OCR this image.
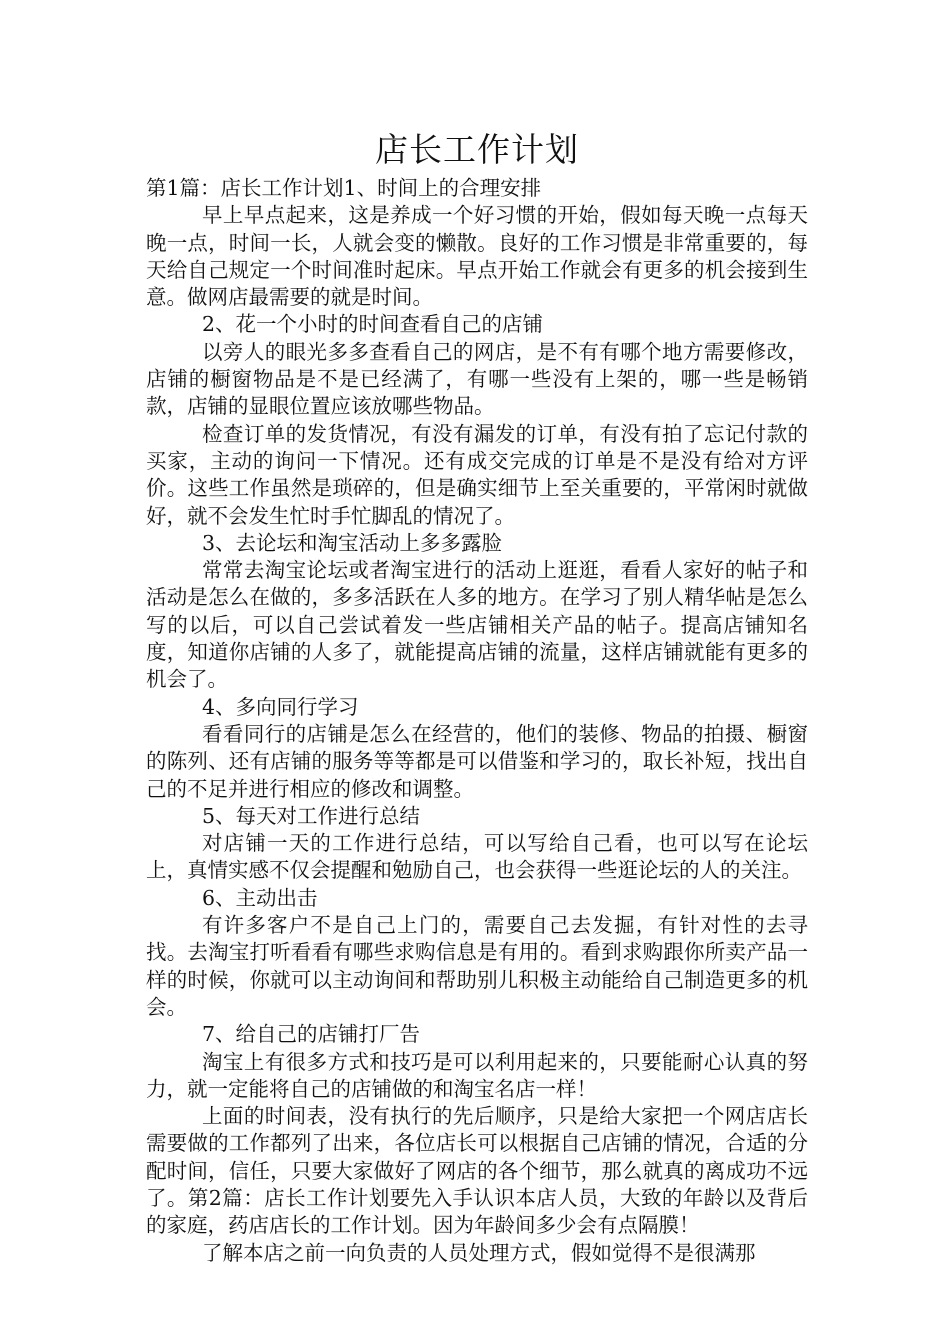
店长工作计划

第1篇：店长工作计划1、时间上的合理安排

早上早点起来，这是养成一个好习惯的开始，假如每天晚一点每天晚一点，时间一长，人就会变的懒散。良好的工作习惯是非常重要的，每天给自己规定一个时间准时起床。早点开始工作就会有更多的机会接到生意。做网店最需要的就是时间。

2、花一个小时的时间查看自己的店铺

以旁人的眼光多多查看自己的网店，是不有有哪个地方需要修改，店铺的橱窗物品是不是已经满了，有哪一些没有上架的，哪一些是畅销款，店铺的显眼位置应该放哪些物品。

检查订单的发货情况，有没有漏发的订单，有没有拍了忘记付款的买家，主动的询问一下情况。还有成交完成的订单是不是没有给对方评价。这些工作虽然是琐碎的，但是确实细节上至关重要的，平常闲时就做好，就不会发生忙时手忙脚乱的情况了。

3、去论坛和淘宝活动上多多露脸

常常去淘宝论坛或者淘宝进行的活动上逛逛，看看人家好的帖子和活动是怎么在做的，多多活跃在人多的地方。在学习了别人精华帖是怎么写的以后，可以自己尝试着发一些店铺相关产品的帖子。提高店铺知名度，知道你店铺的人多了，就能提高店铺的流量，这样店铺就能有更多的机会了。

4、多向同行学习

看看同行的店铺是怎么在经营的，他们的装修、物品的拍摄、橱窗的陈列、还有店铺的服务等等都是可以借鉴和学习的，取长补短，找出自己的不足并进行相应的修改和调整。

5、每天对工作进行总结

对店铺一天的工作进行总结，可以写给自己看，也可以写在论坛上，真情实感不仅会提醒和勉励自己，也会获得一些逛论坛的人的关注。

6、主动出击

有许多客户不是自己上门的，需要自己去发掘，有针对性的去寻找。去淘宝打听看看有哪些求购信息是有用的。看到求购跟你所卖产品一样的时候，你就可以主动询间和帮助别儿积极主动能给自己制造更多的机会。

7、给自己的店铺打厂告

淘宝上有很多方式和技巧是可以利用起来的，只要能耐心认真的努力，就一定能将自己的店铺做的和淘宝名店一样！

上面的时间表，没有执行的先后顺序，只是给大家把一个网店店长需要做的工作都列了出来，各位店长可以根据自己店铺的情况，合适的分配时间，信任，只要大家做好了网店的各个细节，那么就真的离成功不远了。第2篇：店长工作计划要先入手认识本店人员，大致的年龄以及背后的家庭，药店店长的工作计划。因为年龄间多少会有点隔膜！

了解本店之前一向负责的人员处理方式，假如觉得不是很满那
